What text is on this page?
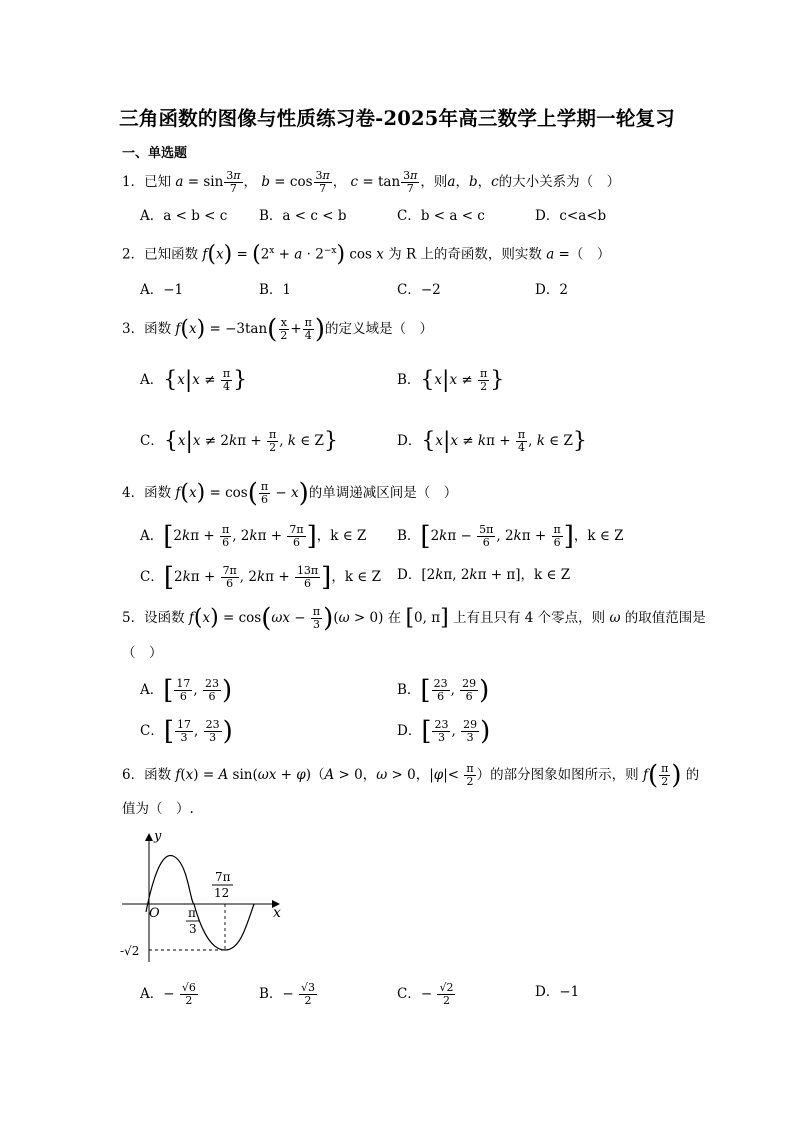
三角函数的图像与性质练习卷-2025年高三数学上学期一轮复习
一、单选题
1．已知 $a = \sin \frac{3\pi}{7}$ ， $b = \cos \frac{3\pi}{7}$ ， $c = \tan \frac{3\pi}{7}$ ，则a，b，c的大小关系为（　）
A．a < b < c B．a < c < b	C．b < a < c	D．c<a<b
2．已知函数 $f(x) = (2^x + a \cdot 2^{-x})$ cos x 为 R 上的奇函数，则实数 a =（　）
A．−1	B．1	C．−2	D．2
3．函数 $f(x) = -3\tan( \frac{x}{2} + \frac{\pi}{4}$ )的定义域是（　）
A．{$x|x \ne \frac{\pi}{4}$ }	B．{$x|x \ne \frac{\pi}{2}$ }
C．{$x|x \ne 2k\pi + \frac{\pi}{2}$ , k ∈ Z}	D．{$x|x \ne k\pi + \frac{\pi}{4}$ , k ∈ Z}
4．函数 $f(x) = \cos( \frac{\pi}{6} - x)$的单调递减区间是（　）
A．[$2k\pi + \frac{\pi}{6}$ , $2k\pi + \frac{7\pi}{6}$ ]，k ∈ Z B．[$2k\pi - \frac{5\pi}{6}$ , $2k\pi + \frac{\pi}{6}$ ]，k ∈ Z
C．[$2k\pi + \frac{7\pi}{6}$ , $2k\pi + \frac{13\pi}{6}$ ]，k ∈ Z D．[2kπ, 2kπ + π]，k ∈ Z
5．设函数 $f(x) = \cos(\omega x - \frac{\pi}{3} )(\omega > 0)$ 在 [0, π] 上有且只有 4 个零点，则 ω 的取值范围是
（　）
A．[ $\frac{17}{6}$ , $\frac{23}{6}$ )	B．[ $\frac{23}{6}$ , $\frac{29}{6}$ )
C．[ $\frac{17}{3}$ , $\frac{23}{3}$ )	D．[ $\frac{23}{3}$ , $\frac{29}{3}$ )
6．函数 f(x) = A sin(ωx + φ)（A > 0，ω > 0，$|\varphi|< \frac{\pi}{2}$ ）的部分图象如图所示，则 $f( \frac{\pi}{2}$ ) 的
值为（　）.
y
x
O π
3
7π
12
-√2
A．− $\frac{√6}{2}$	B．− $\frac{√3}{2}$	C．− $\frac{√2}{2}$	D．−1
